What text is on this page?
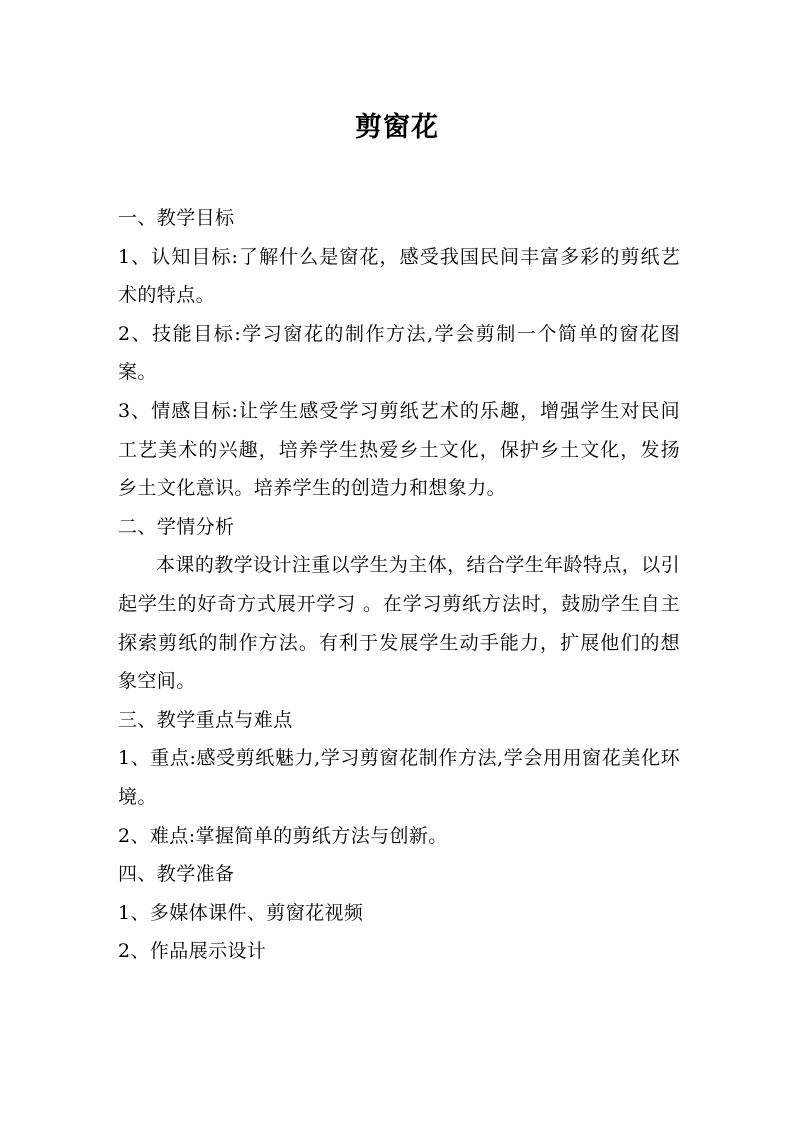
剪窗花

一、教学目标

1、认知目标:了解什么是窗花，感受我国民间丰富多彩的剪纸艺术的特点。

2、技能目标:学习窗花的制作方法,学会剪制一个简单的窗花图案。

3、情感目标:让学生感受学习剪纸艺术的乐趣，增强学生对民间工艺美术的兴趣，培养学生热爱乡土文化，保护乡土文化，发扬乡土文化意识。培养学生的创造力和想象力。

二、学情分析

本课的教学设计注重以学生为主体，结合学生年龄特点，以引起学生的好奇方式展开学习 。在学习剪纸方法时，鼓励学生自主探索剪纸的制作方法。有利于发展学生动手能力，扩展他们的想象空间。

三、教学重点与难点

1、重点:感受剪纸魅力,学习剪窗花制作方法,学会用用窗花美化环境。

2、难点:掌握简单的剪纸方法与创新。

四、教学准备

1、多媒体课件、剪窗花视频

2、作品展示设计
